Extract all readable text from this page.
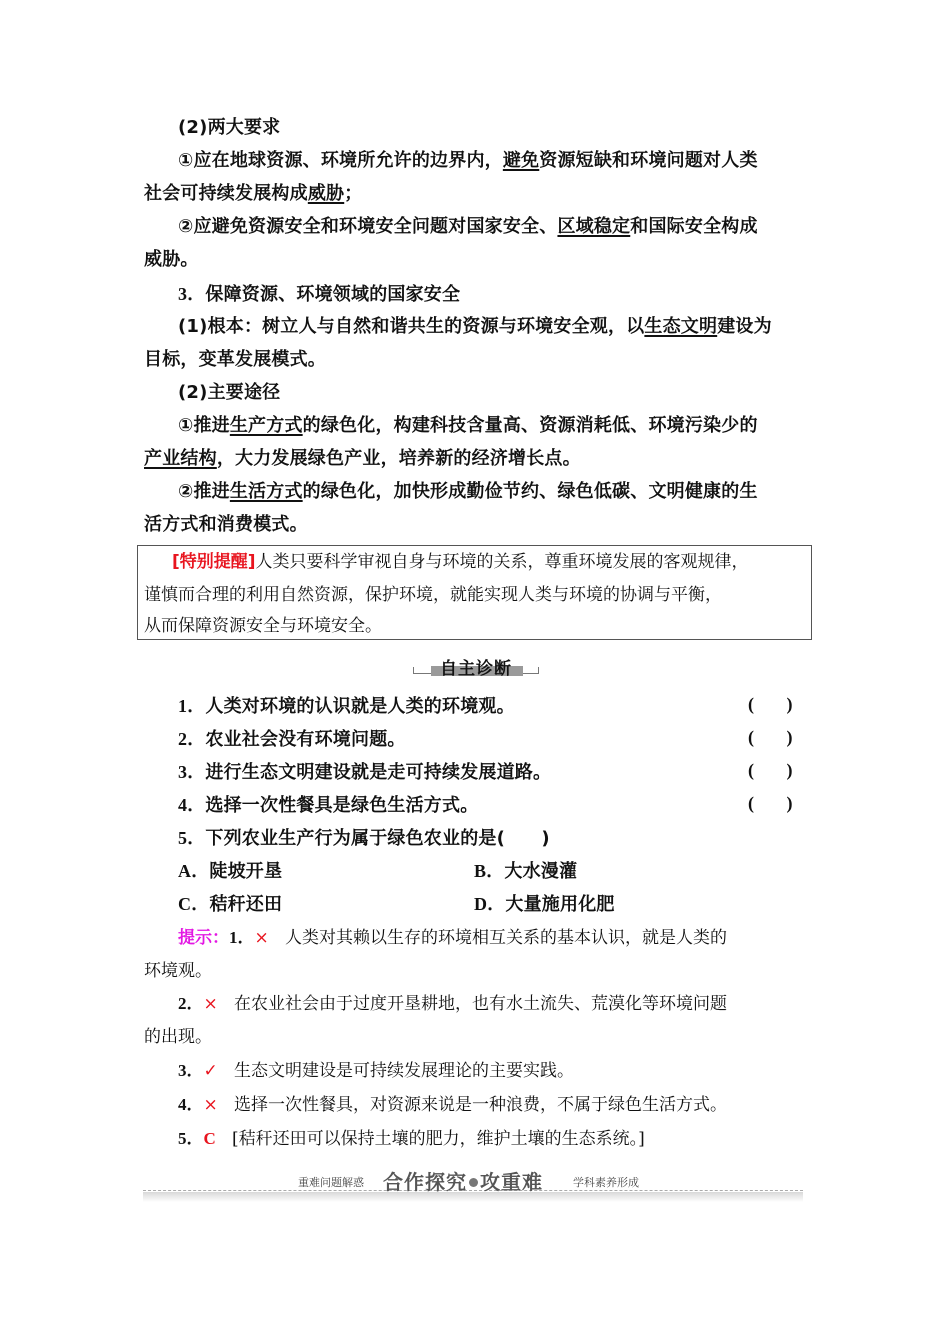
(2)两大要求
①应在地球资源、环境所允许的边界内，避免资源短缺和环境问题对人类
社会可持续发展构成威胁；
②应避免资源安全和环境安全问题对国家安全、区域稳定和国际安全构成
威胁。
3．保障资源、环境领域的国家安全
(1)根本：树立人与自然和谐共生的资源与环境安全观，以生态文明建设为
目标，变革发展模式。
(2)主要途径
①推进生产方式的绿色化，构建科技含量高、资源消耗低、环境污染少的
产业结构，大力发展绿色产业，培养新的经济增长点。
②推进生活方式的绿色化，加快形成勤俭节约、绿色低碳、文明健康的生
活方式和消费模式。
[特别提醒]人类只要科学审视自身与环境的关系，尊重环境发展的客观规律，
谨慎而合理的利用自然资源，保护环境，就能实现人类与环境的协调与平衡，
从而保障资源安全与环境安全。
自主诊断
1．人类对环境的认识就是人类的环境观。	( )
2．农业社会没有环境问题。	( )
3．进行生态文明建设就是走可持续发展道路。	( )
4．选择一次性餐具是绿色生活方式。	( )
5．下列农业生产行为属于绿色农业的是(　　)
A．陡坡开垦	B．大水漫灌
C．秸秆还田	D．大量施用化肥
提示：1．× 人类对其赖以生存的环境相互关系的基本认识，就是人类的
环境观。
2．× 在农业社会由于过度开垦耕地，也有水土流失、荒漠化等环境问题
的出现。
3．✓ 生态文明建设是可持续发展理论的主要实践。
4．× 选择一次性餐具，对资源来说是一种浪费，不属于绿色生活方式。
5．C [秸秆还田可以保持土壤的肥力，维护土壤的生态系统。]
重难问题解惑 合作探究 攻重难	学科素养形成
